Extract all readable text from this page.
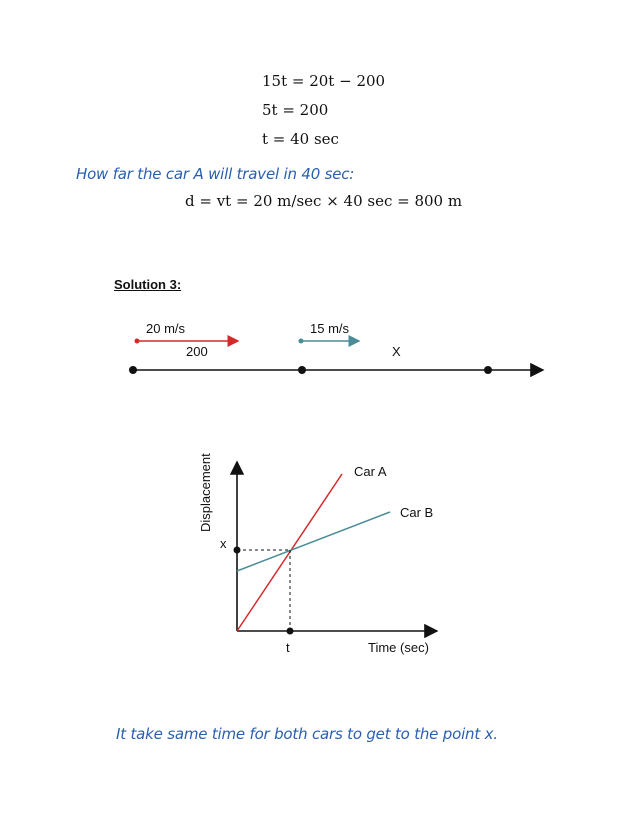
15t = 20t − 200
5t = 200
t = 40 sec
How far the car A will travel in 40 sec:
d = vt = 20 m/sec × 40 sec = 800 m
Solution 3:
20 m/s	15 m/s
200	X
Displacement	Car A
Car B
x
t	Time (sec)
It take same time for both cars to get to the point x.
